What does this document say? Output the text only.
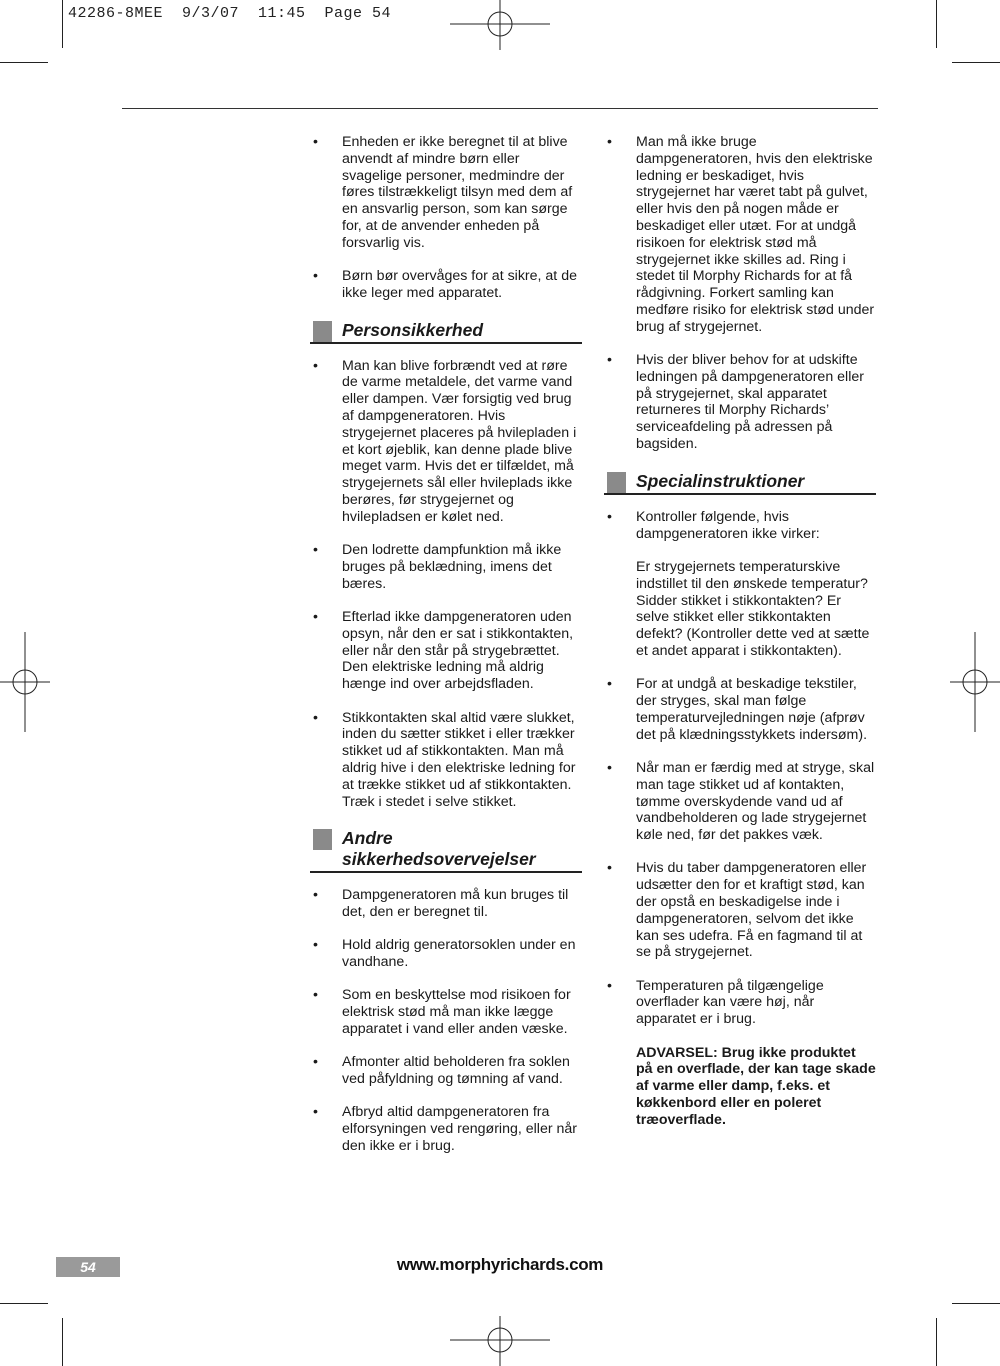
42286-8MEE  9/3/07  11:45  Page 54
• Enheden er ikke beregnet til at blive anvendt af mindre børn eller svagelige personer, medmindre der føres tilstrækkeligt tilsyn med dem af en ansvarlig person, som kan sørge for, at de anvender enheden på forsvarlig vis.

• Børn bør overvåges for at sikre, at de ikke leger med apparatet.

Personsikkerhed
• Man kan blive forbrændt ved at røre de varme metaldele, det varme vand eller dampen. Vær forsigtig ved brug af dampgeneratoren. Hvis strygejernet placeres på hvilepladen i et kort øjeblik, kan denne plade blive meget varm. Hvis det er tilfældet, må strygejernets sål eller hvileplads ikke berøres, før strygejernet og hvilepladsen er kølet ned.

• Den lodrette dampfunktion må ikke bruges på beklædning, imens det bæres.

• Efterlad ikke dampgeneratoren uden opsyn, når den er sat i stikkontakten, eller når den står på strygebrættet. Den elektriske ledning må aldrig hænge ind over arbejdsfladen.

• Stikkontakten skal altid være slukket, inden du sætter stikket i eller trækker stikket ud af stikkontakten. Man må aldrig hive i den elektriske ledning for at trække stikket ud af stikkontakten. Træk i stedet i selve stikket.

Andre sikkerhedsovervejelser
• Dampgeneratoren må kun bruges til det, den er beregnet til.

• Hold aldrig generatorsoklen under en vandhane.

• Som en beskyttelse mod risikoen for elektrisk stød må man ikke lægge apparatet i vand eller anden væske.

• Afmonter altid beholderen fra soklen ved påfyldning og tømning af vand.

• Afbryd altid dampgeneratoren fra elforsyningen ved rengøring, eller når den ikke er i brug.

• Man må ikke bruge dampgeneratoren, hvis den elektriske ledning er beskadiget, hvis strygejernet har været tabt på gulvet, eller hvis den på nogen måde er beskadiget eller utæt. For at undgå risikoen for elektrisk stød må strygejernet ikke skilles ad. Ring i stedet til Morphy Richards for at få rådgivning. Forkert samling kan medføre risiko for elektrisk stød under brug af strygejernet.

• Hvis der bliver behov for at udskifte ledningen på dampgeneratoren eller på strygejernet, skal apparatet returneres til Morphy Richards’ serviceafdeling på adressen på bagsiden.

Specialinstruktioner
• Kontroller følgende, hvis dampgeneratoren ikke virker:

Er strygejernets temperaturskive indstillet til den ønskede temperatur? Sidder stikket i stikkontakten? Er selve stikket eller stikkontakten defekt? (Kontroller dette ved at sætte et andet apparat i stikkontakten).

• For at undgå at beskadige tekstiler, der stryges, skal man følge temperaturvejledningen nøje (afprøv det på klædningsstykkets indersøm).

• Når man er færdig med at stryge, skal man tage stikket ud af kontakten, tømme overskydende vand ud af vandbeholderen og lade strygejernet køle ned, før det pakkes væk.

• Hvis du taber dampgeneratoren eller udsætter den for et kraftigt stød, kan der opstå en beskadigelse inde i dampgeneratoren, selvom det ikke kan ses udefra. Få en fagmand til at se på strygejernet.

• Temperaturen på tilgængelige overflader kan være høj, når apparatet er i brug.

ADVARSEL: Brug ikke produktet på en overflade, der kan tage skade af varme eller damp, f.eks. et køkkenbord eller en poleret træoverflade.

54	www.morphyrichards.com
